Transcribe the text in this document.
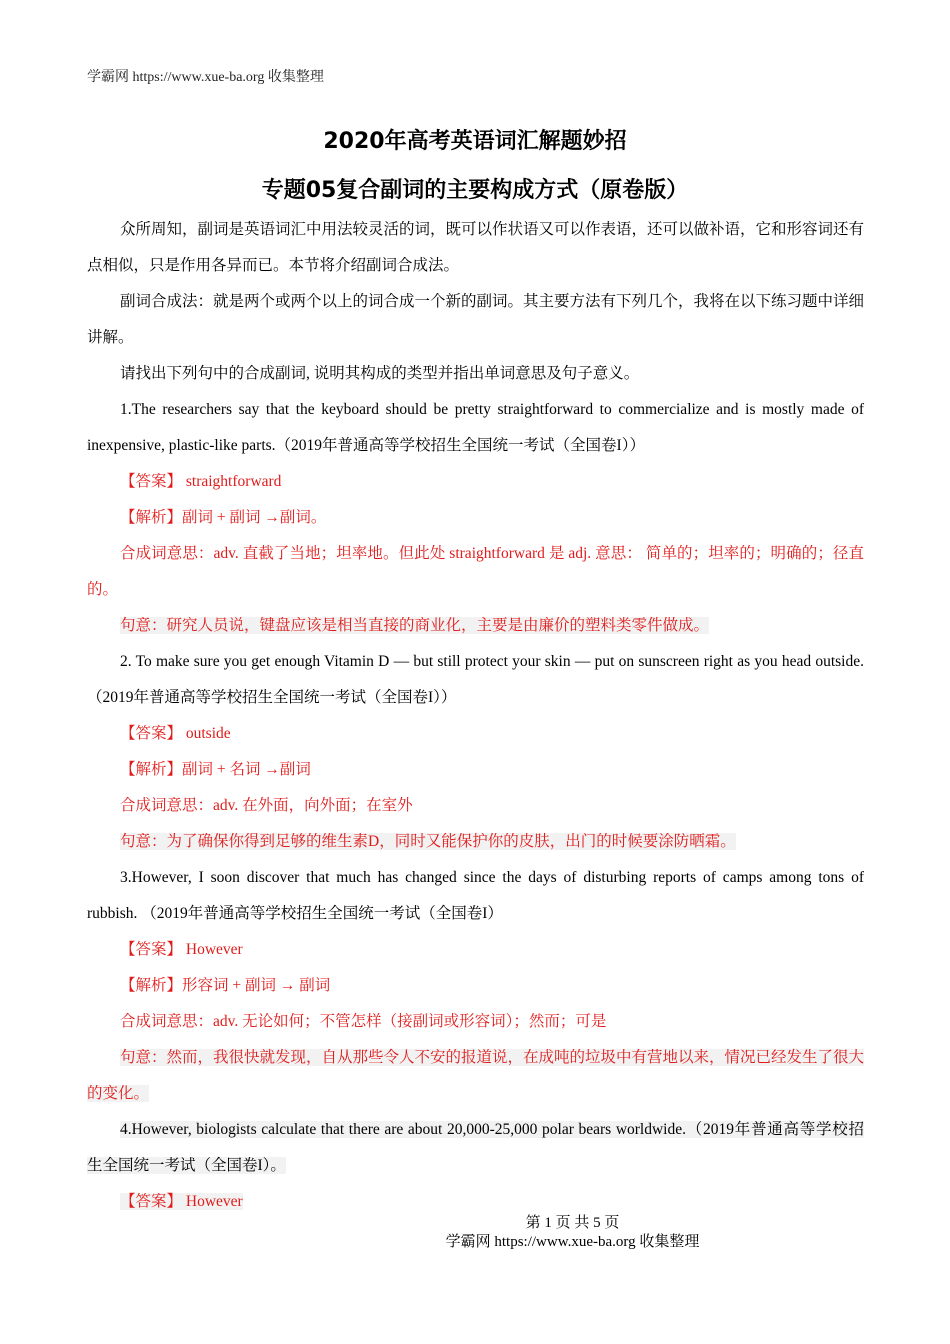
学霸网 https://www.xue-ba.org 收集整理
2020年高考英语词汇解题妙招
专题05复合副词的主要构成方式（原卷版）

众所周知，副词是英语词汇中用法较灵活的词，既可以作状语又可以作表语，还可以做补语，它和形容词还有点相似，只是作用各异而已。本节将介绍副词合成法。

副词合成法：就是两个或两个以上的词合成一个新的副词。其主要方法有下列几个，我将在以下练习题中详细讲解。

请找出下列句中的合成副词, 说明其构成的类型并指出单词意思及句子意义。

1.The researchers say that the keyboard should be pretty straightforward to commercialize and is mostly made of inexpensive, plastic-like parts.（2019年普通高等学校招生全国统一考试（全国卷I））

【答案】 straightforward

【解析】副词 + 副词 →副词。

合成词意思：adv. 直截了当地；坦率地。但此处 straightforward 是 adj. 意思： 简单的；坦率的；明确的；径直的。

句意：研究人员说，键盘应该是相当直接的商业化，主要是由廉价的塑料类零件做成。

2. To make sure you get enough Vitamin D — but still protect your skin — put on sunscreen right as you head outside.（2019年普通高等学校招生全国统一考试（全国卷I））

【答案】 outside

【解析】副词 + 名词 →副词

合成词意思：adv. 在外面，向外面；在室外

句意：为了确保你得到足够的维生素D，同时又能保护你的皮肤，出门的时候要涂防晒霜。

3.However, I soon discover that much has changed since the days of disturbing reports of camps among tons of rubbish. （2019年普通高等学校招生全国统一考试（全国卷I）

【答案】 However

【解析】形容词 + 副词 → 副词

合成词意思：adv. 无论如何；不管怎样（接副词或形容词）；然而；可是

句意：然而，我很快就发现，自从那些令人不安的报道说，在成吨的垃圾中有营地以来，情况已经发生了很大的变化。

4.However, biologists calculate that there are about 20,000-25,000 polar bears worldwide.（2019年普通高等学校招生全国统一考试（全国卷I）。

【答案】 However

第 1 页 共 5 页
学霸网 https://www.xue-ba.org 收集整理
